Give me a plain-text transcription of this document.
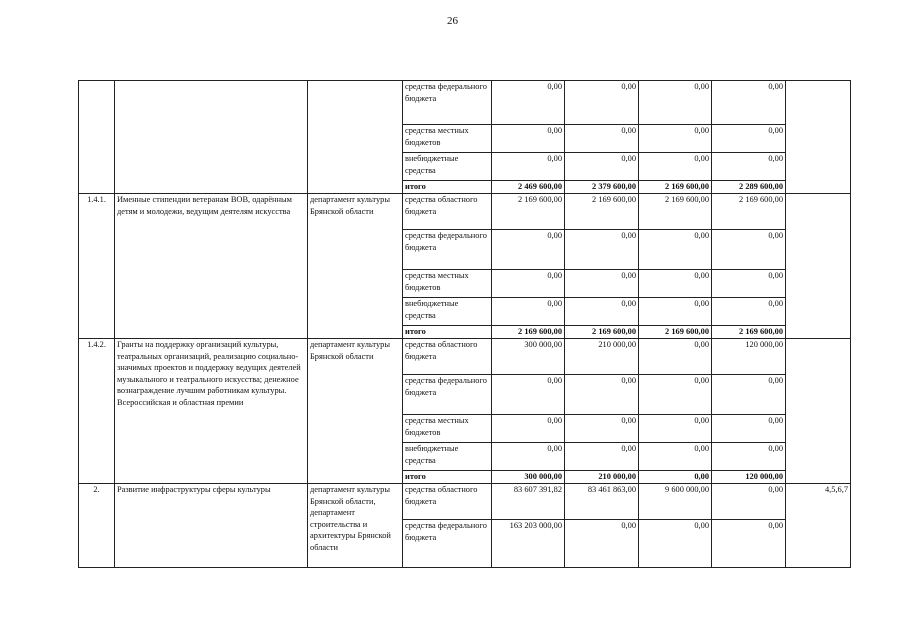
26
			средства федерального бюджета	0,00	0,00	0,00	0,00	
			средства местных бюджетов	0,00	0,00	0,00	0,00	
			внебюджетные средства	0,00	0,00	0,00	0,00	
			итого	2 469 600,00	2 379 600,00	2 169 600,00	2 289 600,00	
1.4.1.	Именные стипендии ветеранам ВОВ, одарённым детям и молодежи, ведущим деятелям искусства	департамент культуры Брянской области	средства областного бюджета	2 169 600,00	2 169 600,00	2 169 600,00	2 169 600,00	
			средства федерального бюджета	0,00	0,00	0,00	0,00	
			средства местных бюджетов	0,00	0,00	0,00	0,00	
			внебюджетные средства	0,00	0,00	0,00	0,00	
			итого	2 169 600,00	2 169 600,00	2 169 600,00	2 169 600,00	
1.4.2.	Гранты на поддержку организаций культуры, театральных организаций, реализацию социально-значимых проектов и поддержку ведущих деятелей музыкального и театрального искусства; денежное вознаграждение лучшим работникам культуры. Всероссийская и областная премии	департамент культуры Брянской области	средства областного бюджета	300 000,00	210 000,00	0,00	120 000,00	
			средства федерального бюджета	0,00	0,00	0,00	0,00	
			средства местных бюджетов	0,00	0,00	0,00	0,00	
			внебюджетные средства	0,00	0,00	0,00	0,00	
			итого	300 000,00	210 000,00	0,00	120 000,00	
2.	Развитие инфраструктуры сферы культуры	департамент культуры Брянской области, департамент строительства и архитектуры Брянской области	средства областного бюджета	83 607 391,82	83 461 863,00	9 600 000,00	0,00	4,5,6,7
			средства федерального бюджета	163 203 000,00	0,00	0,00	0,00	
